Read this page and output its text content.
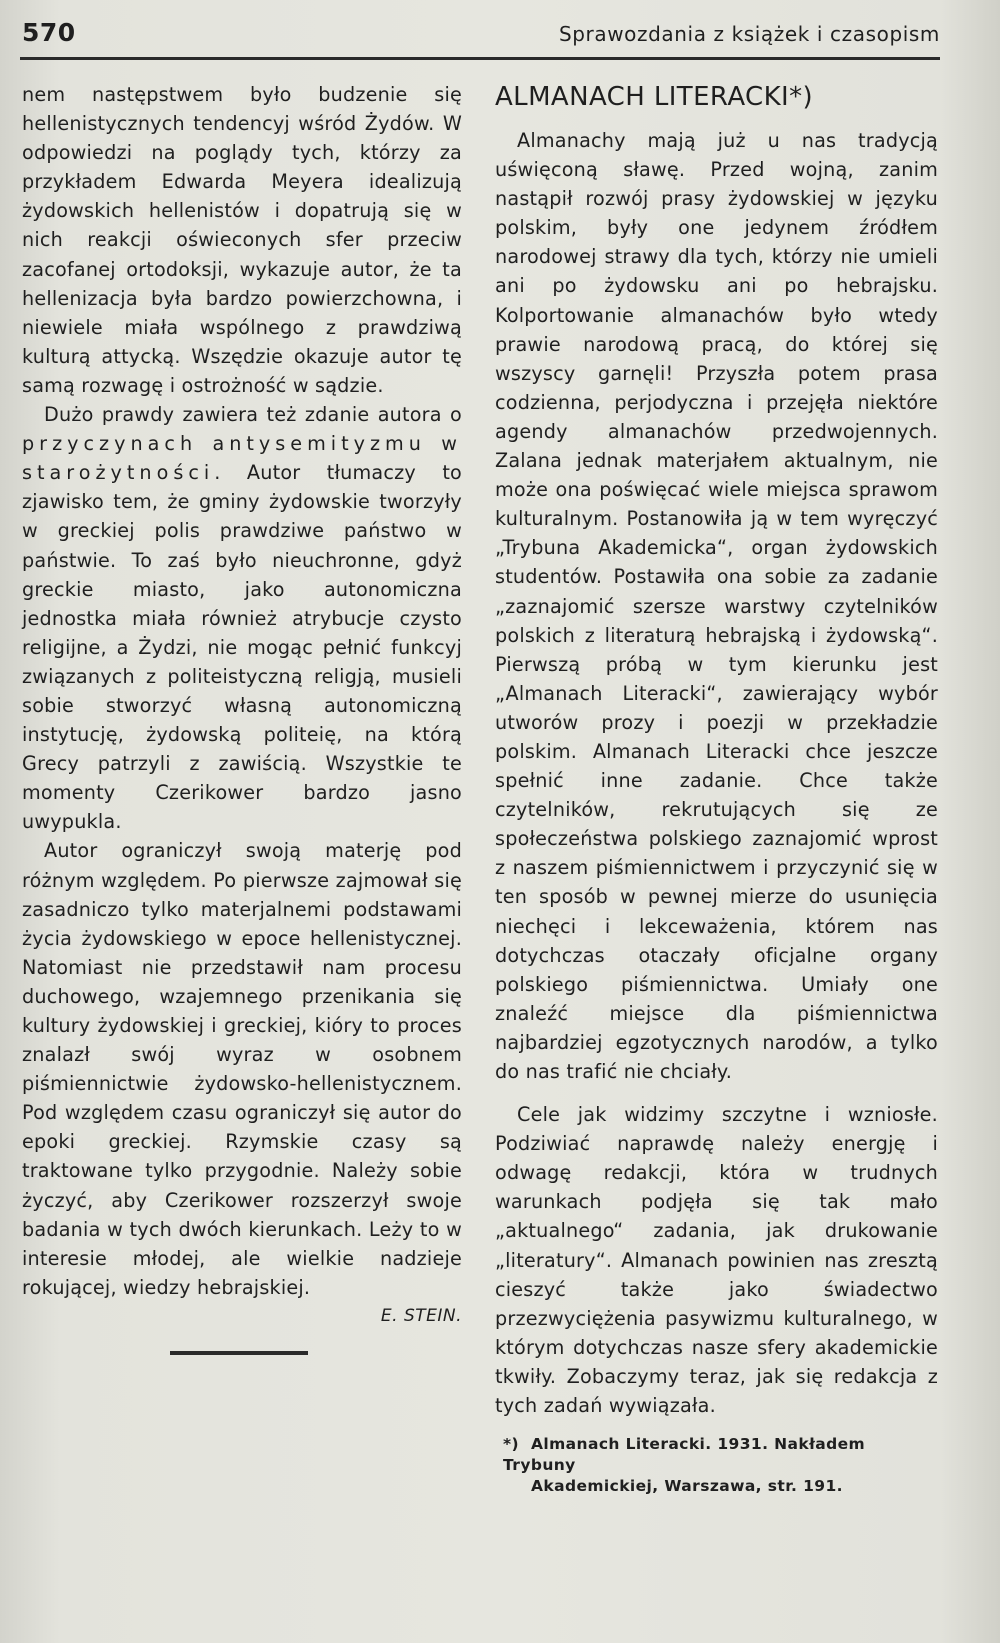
570	Sprawozdania z książek i czasopism

nem następstwem było budzenie się hellenistycznych tendencyj wśród Żydów. W odpowiedzi na poglądy tych, którzy za przykładem Edwarda Meyera idealizują żydowskich hellenistów i dopatrują się w nich reakcji oświeconych sfer przeciw zacofanej ortodoksji, wykazuje autor, że ta hellenizacja była bardzo powierzchowna, i niewiele miała wspólnego z prawdziwą kulturą attycką. Wszędzie okazuje autor tę samą rozwagę i ostrożność w sądzie.

Dużo prawdy zawiera też zdanie autora o przyczynach antysemityzmu w starożytności. Autor tłumaczy to zjawisko tem, że gminy żydowskie tworzyły w greckiej polis prawdziwe państwo w państwie. To zaś było nieuchronne, gdyż greckie miasto, jako autonomiczna jednostka miała również atrybucje czysto religijne, a Żydzi, nie mogąc pełnić funkcyj związanych z politeistyczną religją, musieli sobie stworzyć własną autonomiczną instytucję, żydowską politeię, na którą Grecy patrzyli z zawiścią. Wszystkie te momenty Czerikower bardzo jasno uwypukla.

Autor ograniczył swoją materję pod różnym względem. Po pierwsze zajmował się zasadniczo tylko materjalnemi podstawami życia żydowskiego w epoce hellenistycznej. Natomiast nie przedstawił nam procesu duchowego, wzajemnego przenikania się kultury żydowskiej i greckiej, kióry to proces znalazł swój wyraz w osobnem piśmiennictwie żydowsko-hellenistycznem. Pod względem czasu ograniczył się autor do epoki greckiej. Rzymskie czasy są traktowane tylko przygodnie. Należy sobie życzyć, aby Czerikower rozszerzył swoje badania w tych dwóch kierunkach. Leży to w interesie młodej, ale wielkie nadzieje rokującej, wiedzy hebrajskiej.

E. STEIN.

ALMANACH LITERACKI*)

Almanachy mają już u nas tradycją uświęconą sławę. Przed wojną, zanim nastąpił rozwój prasy żydowskiej w języku polskim, były one jedynem źródłem narodowej strawy dla tych, którzy nie umieli ani po żydowsku ani po hebrajsku. Kolportowanie almanachów było wtedy prawie narodową pracą, do której się wszyscy garnęli! Przyszła potem prasa codzienna, perjodyczna i przejęła niektóre agendy almanachów przedwojennych. Zalana jednak materjałem aktualnym, nie może ona poświęcać wiele miejsca sprawom kulturalnym. Postanowiła ją w tem wyręczyć „Trybuna Akademicka“, organ żydowskich studentów. Postawiła ona sobie za zadanie „zaznajomić szersze warstwy czytelników polskich z literaturą hebrajską i żydowską“. Pierwszą próbą w tym kierunku jest „Almanach Literacki“, zawierający wybór utworów prozy i poezji w przekładzie polskim. Almanach Literacki chce jeszcze spełnić inne zadanie. Chce także czytelników, rekrutujących się ze społeczeństwa polskiego zaznajomić wprost z naszem piśmiennictwem i przyczynić się w ten sposób w pewnej mierze do usunięcia niechęci i lekceważenia, którem nas dotychczas otaczały oficjalne organy polskiego piśmiennictwa. Umiały one znaleźć miejsce dla piśmiennictwa najbardziej egzotycznych narodów, a tylko do nas trafić nie chciały.

Cele jak widzimy szczytne i wzniosłe. Podziwiać naprawdę należy energję i odwagę redakcji, która w trudnych warunkach podjęła się tak mało „aktualnego“ zadania, jak drukowanie „literatury“. Almanach powinien nas zresztą cieszyć także jako świadectwo przezwyciężenia pasywizmu kulturalnego, w którym dotychczas nasze sfery akademickie tkwiły. Zobaczymy teraz, jak się redakcja z tych zadań wywiązała.

*) Almanach Literacki. 1931. Nakładem Trybuny
Akademickiej, Warszawa, str. 191.
